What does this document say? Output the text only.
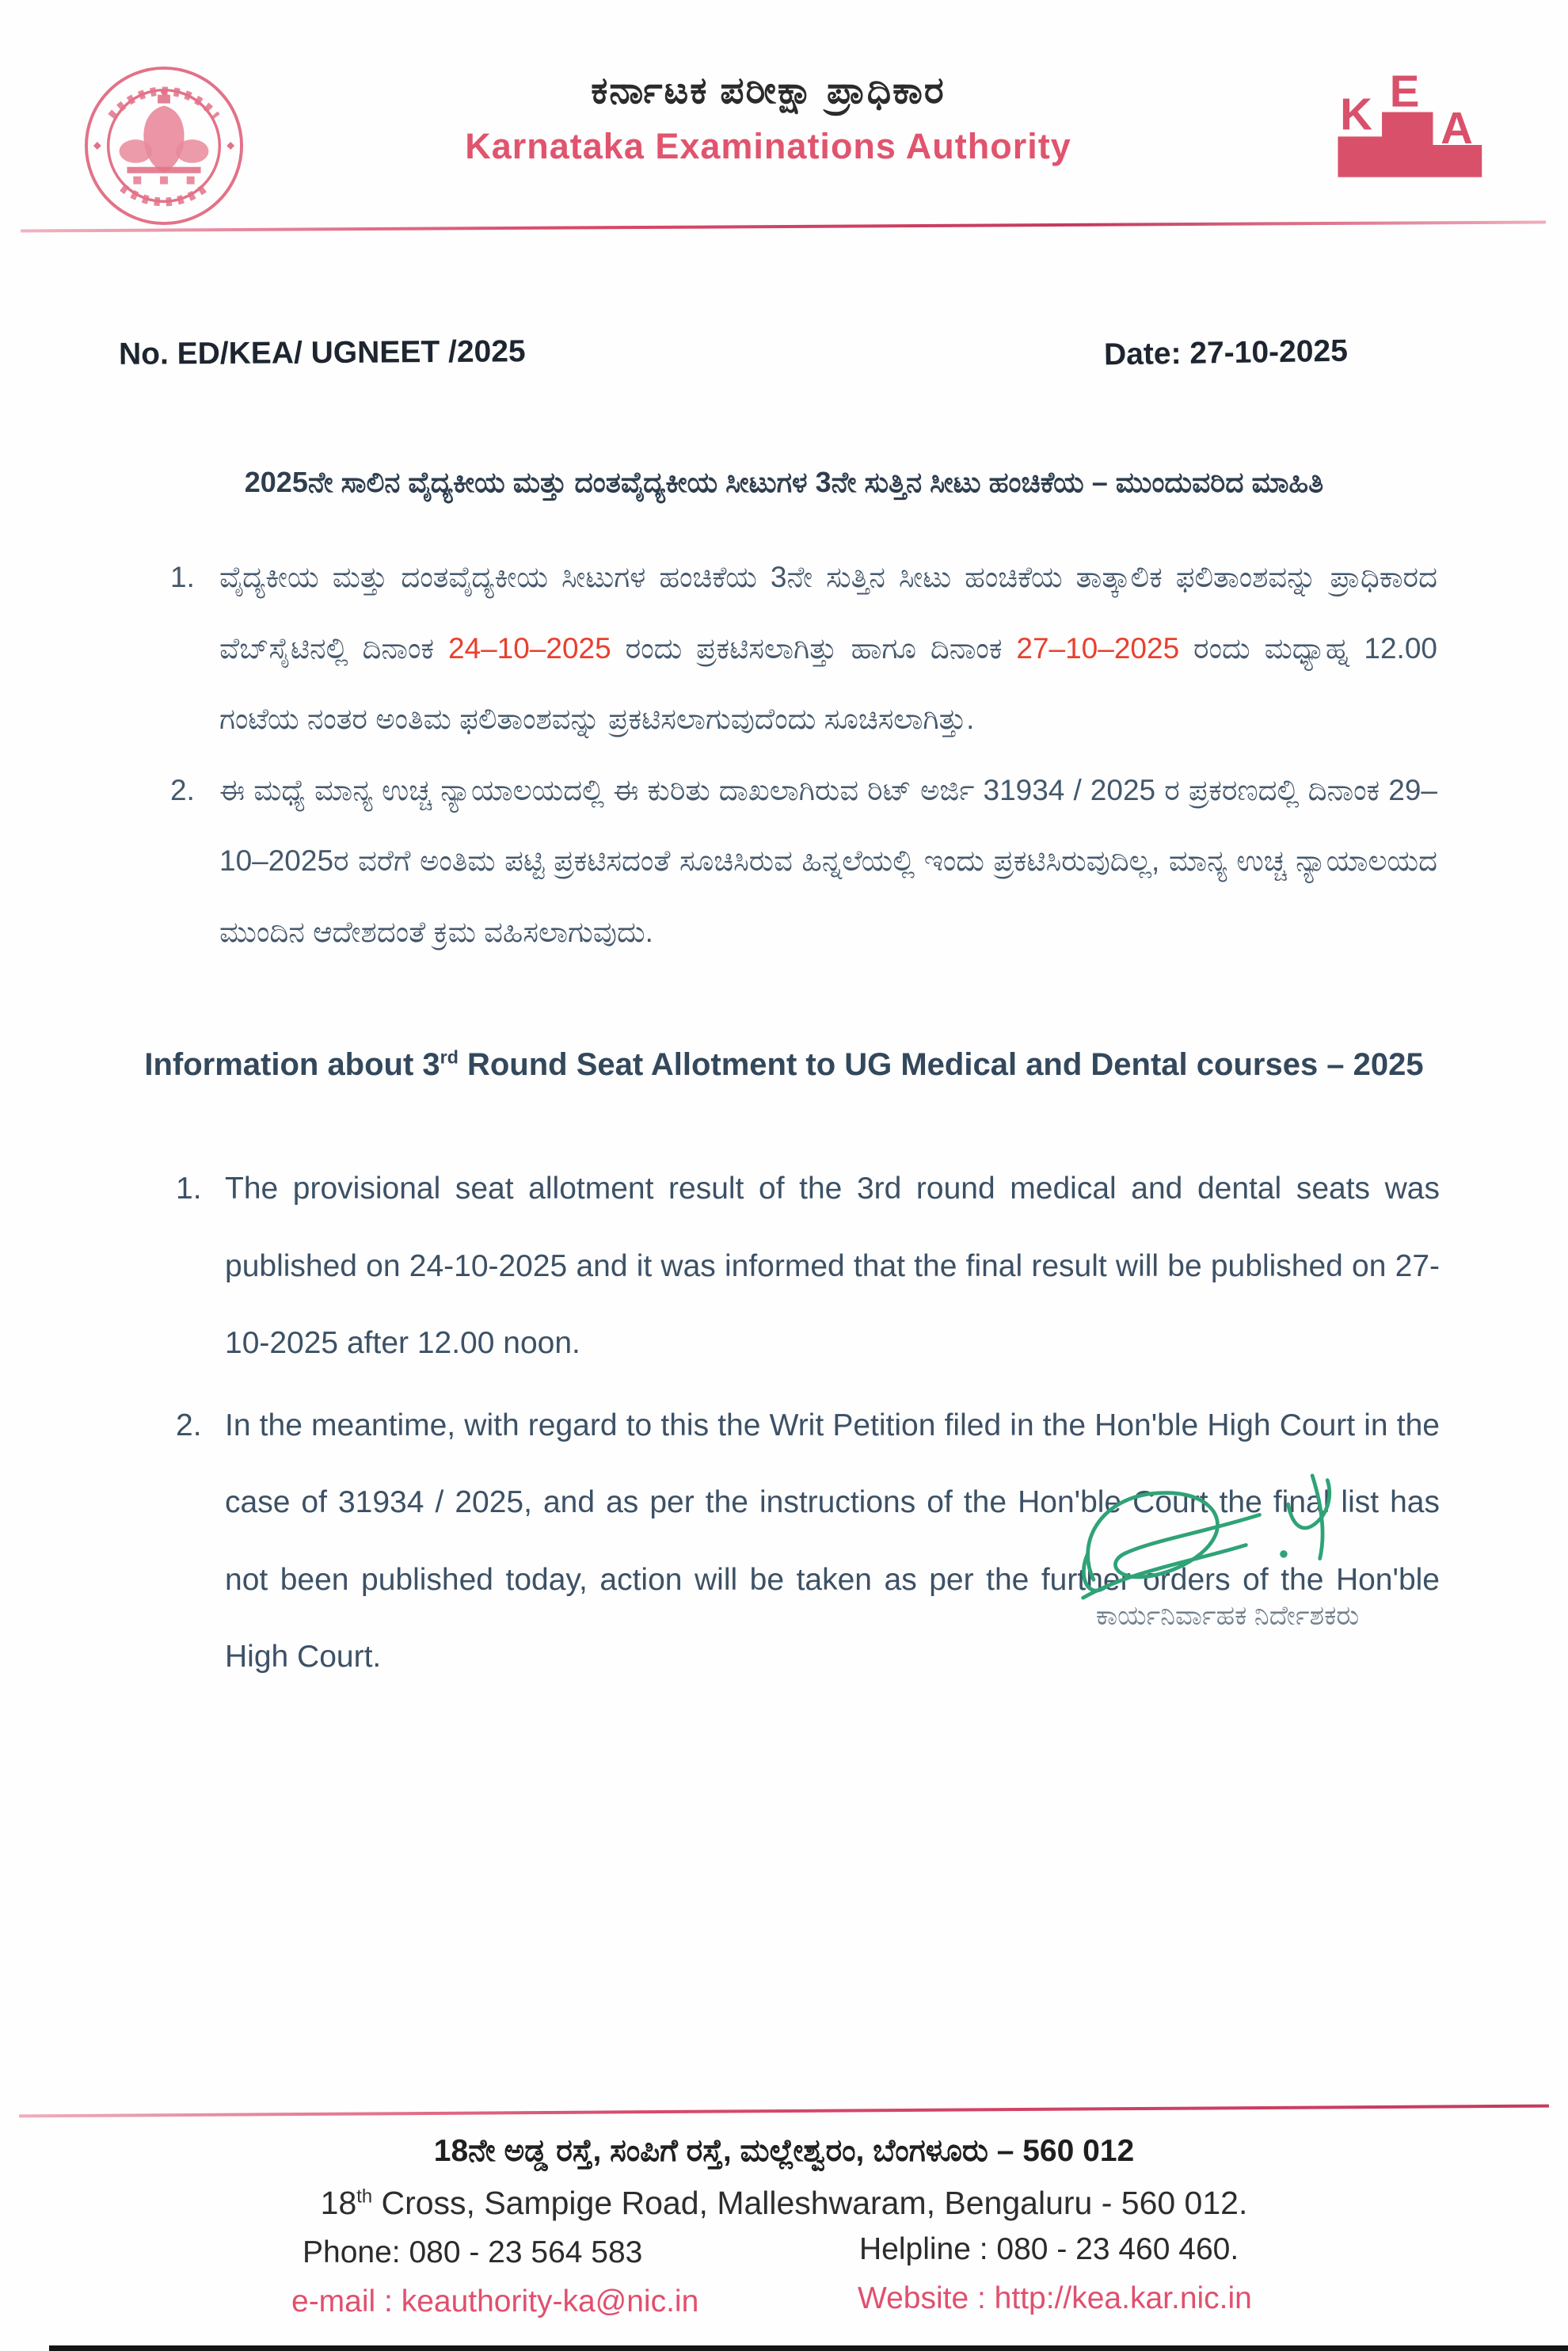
ಕರ್ನಾಟಕ ಪರೀಕ್ಷಾ ಪ್ರಾಧಿಕಾರ
Karnataka Examinations Authority
K E
A
No. ED/KEA/ UGNEET /2025	Date: 27-10-2025
2025ನೇ ಸಾಲಿನ ವೈದ್ಯಕೀಯ ಮತ್ತು ದಂತವೈದ್ಯಕೀಯ ಸೀಟುಗಳ 3ನೇ ಸುತ್ತಿನ ಸೀಟು ಹಂಚಿಕೆಯ – ಮುಂದುವರಿದ ಮಾಹಿತಿ
1. ವೈದ್ಯಕೀಯ ಮತ್ತು ದಂತವೈದ್ಯಕೀಯ ಸೀಟುಗಳ ಹಂಚಿಕೆಯ 3ನೇ ಸುತ್ತಿನ ಸೀಟು ಹಂಚಿಕೆಯ ತಾತ್ಕಾಲಿಕ ಫಲಿತಾಂಶವನ್ನು ಪ್ರಾಧಿಕಾರದ ವೆಬ್‌ಸೈಟಿನಲ್ಲಿ ದಿನಾಂಕ 24–10–2025 ರಂದು ಪ್ರಕಟಿಸಲಾಗಿತ್ತು ಹಾಗೂ ದಿನಾಂಕ 27–10–2025 ರಂದು ಮಧ್ಯಾಹ್ನ 12.00 ಗಂಟೆಯ ನಂತರ ಅಂತಿಮ ಫಲಿತಾಂಶವನ್ನು ಪ್ರಕಟಿಸಲಾಗುವುದೆಂದು ಸೂಚಿಸಲಾಗಿತ್ತು.
2. ಈ ಮಧ್ಯೆ ಮಾನ್ಯ ಉಚ್ಚ ನ್ಯಾಯಾಲಯದಲ್ಲಿ ಈ ಕುರಿತು ದಾಖಲಾಗಿರುವ ರಿಟ್ ಅರ್ಜಿ 31934 / 2025 ರ ಪ್ರಕರಣದಲ್ಲಿ ದಿನಾಂಕ 29–10–2025ರ ವರೆಗೆ ಅಂತಿಮ ಪಟ್ಟಿ ಪ್ರಕಟಿಸದಂತೆ ಸೂಚಿಸಿರುವ ಹಿನ್ನಲೆಯಲ್ಲಿ ಇಂದು ಪ್ರಕಟಿಸಿರುವುದಿಲ್ಲ, ಮಾನ್ಯ ಉಚ್ಚ ನ್ಯಾಯಾಲಯದ ಮುಂದಿನ ಆದೇಶದಂತೆ ಕ್ರಮ ವಹಿಸಲಾಗುವುದು.
Information about 3rd Round Seat Allotment to UG Medical and Dental courses – 2025
1. The provisional seat allotment result of the 3rd round medical and dental seats was published on 24-10-2025 and it was informed that the final result will be published on 27-10-2025 after 12.00 noon.
2. In the meantime, with regard to this the Writ Petition filed in the Hon'ble High Court in the case of 31934 / 2025, and as per the instructions of the Hon'ble Court the final list has not been published today, action will be taken as per the further orders of the Hon'ble High Court.
ಕಾರ್ಯನಿರ್ವಾಹಕ ನಿರ್ದೇಶಕರು
18ನೇ ಅಡ್ಡ ರಸ್ತೆ, ಸಂಪಿಗೆ ರಸ್ತೆ, ಮಲ್ಲೇಶ್ವರಂ, ಬೆಂಗಳೂರು – 560 012
18th Cross, Sampige Road, Malleshwaram, Bengaluru - 560 012.
Phone: 080 - 23 564 583	Helpline : 080 - 23 460 460.
e-mail : keauthority-ka@nic.in	Website : http://kea.kar.nic.in
